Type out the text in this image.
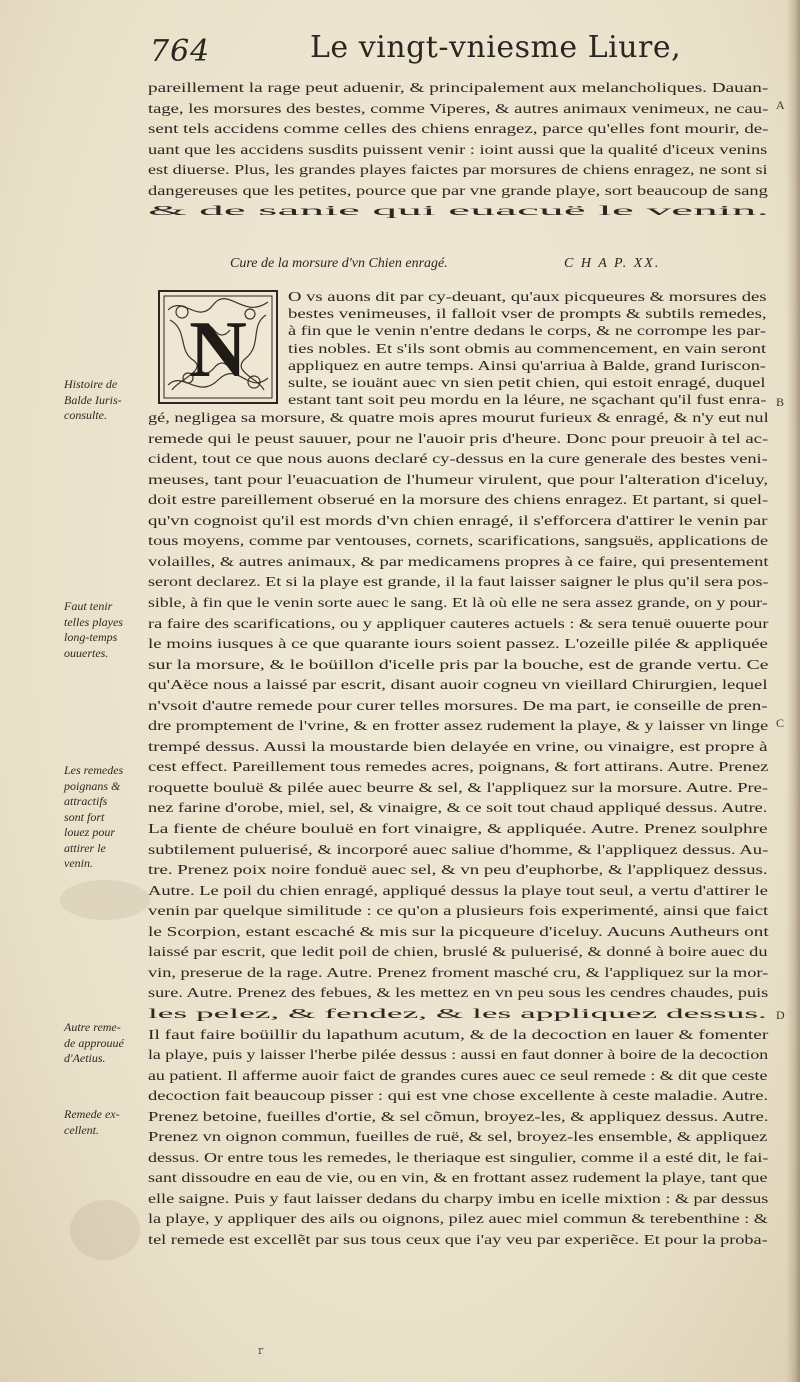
764	Le vingt-vniesme Liure,
pareillement la rage peut aduenir, & principalement aux melancholiques. Dauan-
tage, les morsures des bestes, comme Viperes, & autres animaux venimeux, ne cau-
sent tels accidens comme celles des chiens enragez, parce qu'elles font mourir, de-
uant que les accidens susdits puissent venir : ioint aussi que la qualité d'iceux venins
est diuerse. Plus, les grandes playes faictes par morsures de chiens enragez, ne sont si
dangereuses que les petites, pource que par vne grande playe, sort beaucoup de sang
& de sanie qui euacuë le venin.
O vs auons dit par cy-deuant, qu'aux picqueures & morsures des
bestes venimeuses, il falloit vser de prompts & subtils remedes,
à fin que le venin n'entre dedans le corps, & ne corrompe les par-
ties nobles. Et s'ils sont obmis au commencement, en vain seront
appliquez en autre temps. Ainsi qu'arriua à Balde, grand Iuriscon-
sulte, se iouänt auec vn sien petit chien, qui estoit enragé, duquel
estant tant soit peu mordu en la léure, ne sçachant qu'il fust enra-
gé, negligea sa morsure, & quatre mois apres mourut furieux & enragé, & n'y eut nul
remede qui le peust sauuer, pour ne l'auoir pris d'heure. Donc pour preuoir à tel ac-
cident, tout ce que nous auons declaré cy-dessus en la cure generale des bestes veni-
meuses, tant pour l'euacuation de l'humeur virulent, que pour l'alteration d'iceluy,
doit estre pareillement obserué en la morsure des chiens enragez. Et partant, si quel-
qu'vn cognoist qu'il est mords d'vn chien enragé, il s'efforcera d'attirer le venin par
tous moyens, comme par ventouses, cornets, scarifications, sangsuës, applications de
volailles, & autres animaux, & par medicamens propres à ce faire, qui presentement
seront declarez. Et si la playe est grande, il la faut laisser saigner le plus qu'il sera pos-
sible, à fin que le venin sorte auec le sang. Et là où elle ne sera assez grande, on y pour-
ra faire des scarifications, ou y appliquer cauteres actuels : & sera tenuë ouuerte pour
le moins iusques à ce que quarante iours soient passez. L'ozeille pilée & appliquée
sur la morsure, & le boüillon d'icelle pris par la bouche, est de grande vertu. Ce
qu'Aëce nous a laissé par escrit, disant auoir cogneu vn vieillard Chirurgien, lequel
n'vsoit d'autre remede pour curer telles morsures. De ma part, ie conseille de pren-
dre promptement de l'vrine, & en frotter assez rudement la playe, & y laisser vn linge
trempé dessus. Aussi la moustarde bien delayée en vrine, ou vinaigre, est propre à
cest effect. Pareillement tous remedes acres, poignans, & fort attirans. Autre. Prenez
roquette bouluë & pilée auec beurre & sel, & l'appliquez sur la morsure. Autre. Pre-
nez farine d'orobe, miel, sel, & vinaigre, & ce soit tout chaud appliqué dessus. Autre.
La fiente de chéure bouluë en fort vinaigre, & appliquée. Autre. Prenez soulphre
subtilement puluerisé, & incorporé auec saliue d'homme, & l'appliquez dessus. Au-
tre. Prenez poix noire fonduë auec sel, & vn peu d'euphorbe, & l'appliquez dessus.
Autre. Le poil du chien enragé, appliqué dessus la playe tout seul, a vertu d'attirer le
venin par quelque similitude : ce qu'on a plusieurs fois experimenté, ainsi que faict
le Scorpion, estant escaché & mis sur la picqueure d'iceluy. Aucuns Autheurs ont
laissé par escrit, que ledit poil de chien, bruslé & puluerisé, & donné à boire auec du
vin, preserue de la rage. Autre. Prenez froment masché cru, & l'appliquez sur la mor-
sure. Autre. Prenez des febues, & les mettez en vn peu sous les cendres chaudes, puis
les pelez, & fendez, & les appliquez dessus.
Il faut faire boüillir du lapathum acutum, & de la decoction en lauer & fomenter
la playe, puis y laisser l'herbe pilée dessus : aussi en faut donner à boire de la decoction
au patient. Il afferme auoir faict de grandes cures auec ce seul remede : & dit que ceste
decoction fait beaucoup pisser : qui est vne chose excellente à ceste maladie. Autre.
Prenez betoine, fueilles d'ortie, & sel cõmun, broyez-les, & appliquez dessus. Autre.
Prenez vn oignon commun, fueilles de ruë, & sel, broyez-les ensemble, & appliquez
dessus. Or entre tous les remedes, le theriaque est singulier, comme il a esté dit, le fai-
sant dissoudre en eau de vie, ou en vin, & en frottant assez rudement la playe, tant que
elle saigne. Puis y faut laisser dedans du charpy imbu en icelle mixtion : & par dessus
la playe, y appliquer des ails ou oignons, pilez auec miel commun & terebenthine : &
tel remede est excellẽt par sus tous ceux que i'ay veu par experiẽce. Et pour la proba-
Cure de la morsure d'vn Chien enragé.	C H A P. XX.
N
Histoire de
Balde Iuris-
consulte.
Faut tenir
telles playes
long-temps
ouuertes.
Les remedes
poignans &
attractifs
sont fort
louez pour
attirer le
venin.
Autre reme-
de approuué
d'Aetius.
Remede ex-
cellent.
A
B
C
D
r
